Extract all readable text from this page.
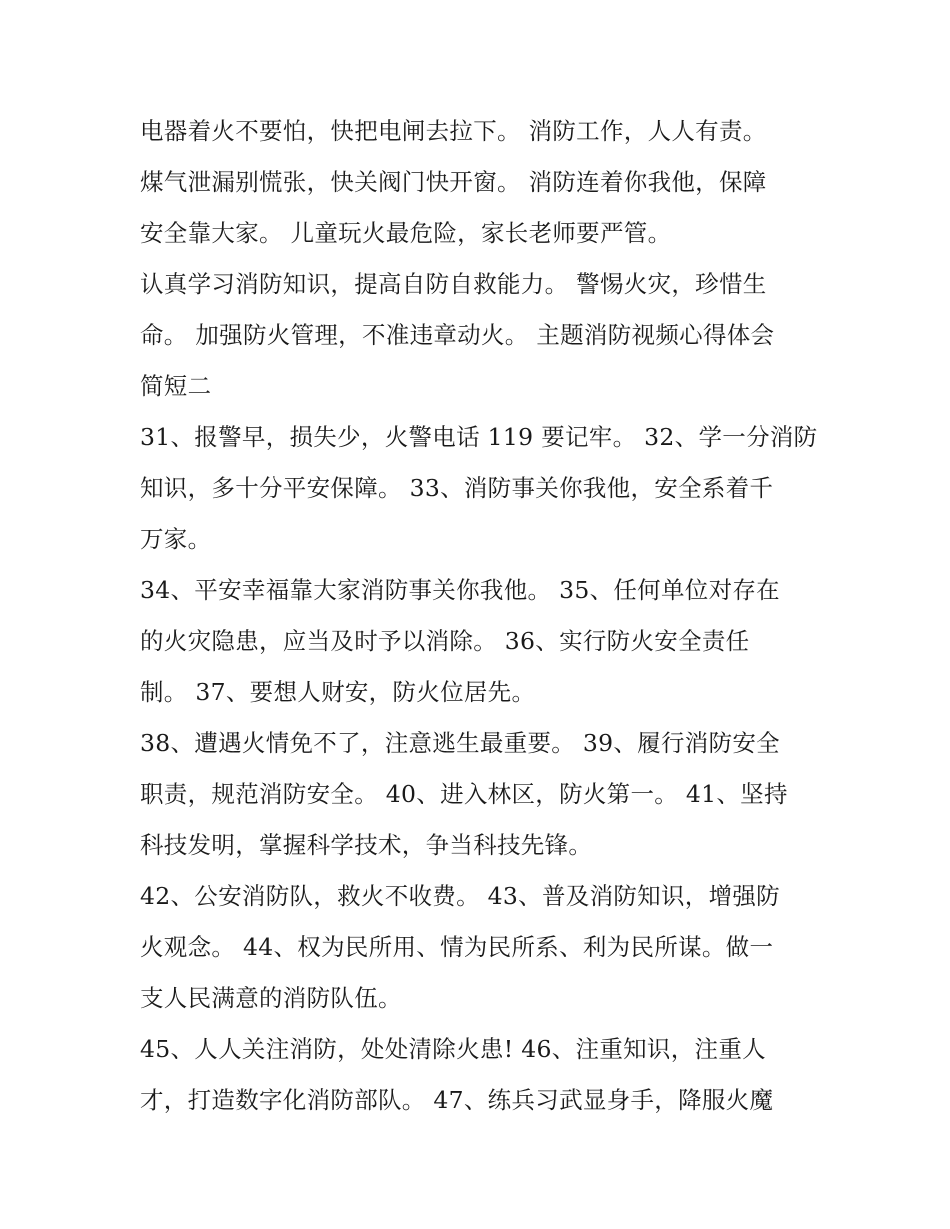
电器着火不要怕，快把电闸去拉下。 消防工作，人人有责。
煤气泄漏别慌张，快关阀门快开窗。 消防连着你我他，保障
安全靠大家。 儿童玩火最危险，家长老师要严管。
认真学习消防知识，提高自防自救能力。 警惕火灾，珍惜生
命。 加强防火管理，不准违章动火。 主题消防视频心得体会
简短二
31、报警早，损失少，火警电话 119 要记牢。 32、学一分消防
知识，多十分平安保障。 33、消防事关你我他，安全系着千
万家。
34、平安幸福靠大家消防事关你我他。 35、任何单位对存在
的火灾隐患，应当及时予以消除。 36、实行防火安全责任
制。 37、要想人财安，防火位居先。
38、遭遇火情免不了，注意逃生最重要。 39、履行消防安全
职责，规范消防安全。 40、进入林区，防火第一。 41、坚持
科技发明，掌握科学技术，争当科技先锋。
42、公安消防队，救火不收费。 43、普及消防知识，增强防
火观念。 44、权为民所用、情为民所系、利为民所谋。做一
支人民满意的消防队伍。
45、人人关注消防，处处清除火患! 46、注重知识，注重人
才，打造数字化消防部队。 47、练兵习武显身手，降服火魔
